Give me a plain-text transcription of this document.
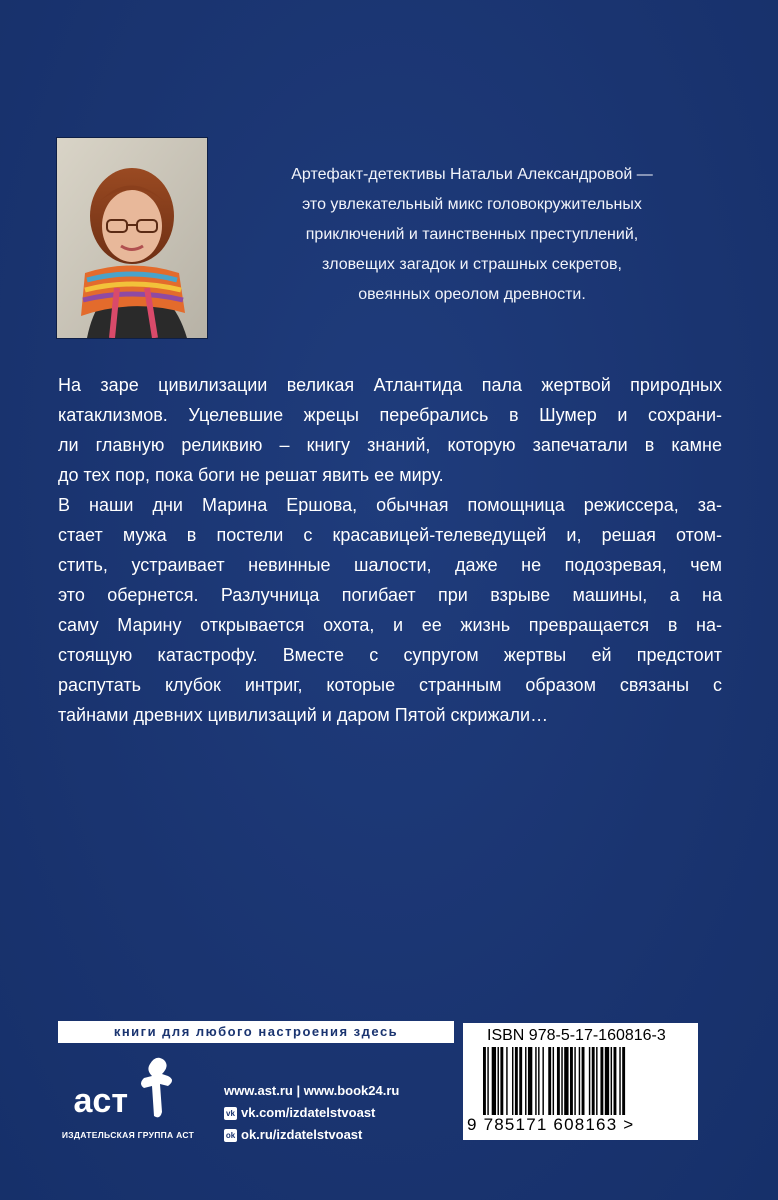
Артефакт-детективы Натальи Александровой —
это увлекательный микс головокружительных
приключений и таинственных преступлений,
зловещих загадок и страшных секретов,
овеянных ореолом древности.
На заре цивилизации великая Атлантида пала жертвой природных
катаклизмов. Уцелевшие жрецы перебрались в Шумер и сохрани-
ли главную реликвию – книгу знаний, которую запечатали в камне
до тех пор, пока боги не решат явить ее миру.
В наши дни Марина Ершова, обычная помощница режиссера, за-
стает мужа в постели с красавицей-телеведущей и, решая отом-
стить, устраивает невинные шалости, даже не подозревая, чем
это обернется. Разлучница погибает при взрыве машины, а на
саму Марину открывается охота, и ее жизнь превращается в на-
стоящую катастрофу. Вместе с супругом жертвы ей предстоит
распутать клубок интриг, которые странным образом связаны с
тайнами древних цивилизаций и даром Пятой скрижали…
книги для любого настроения здесь
аст
ИЗДАТЕЛЬСКАЯ ГРУППА АСТ
www.ast.ru | www.book24.ru
vk vk.com/izdatelstvoast
ok ok.ru/izdatelstvoast
ISBN 978-5-17-160816-3
9 785171 608163 >
